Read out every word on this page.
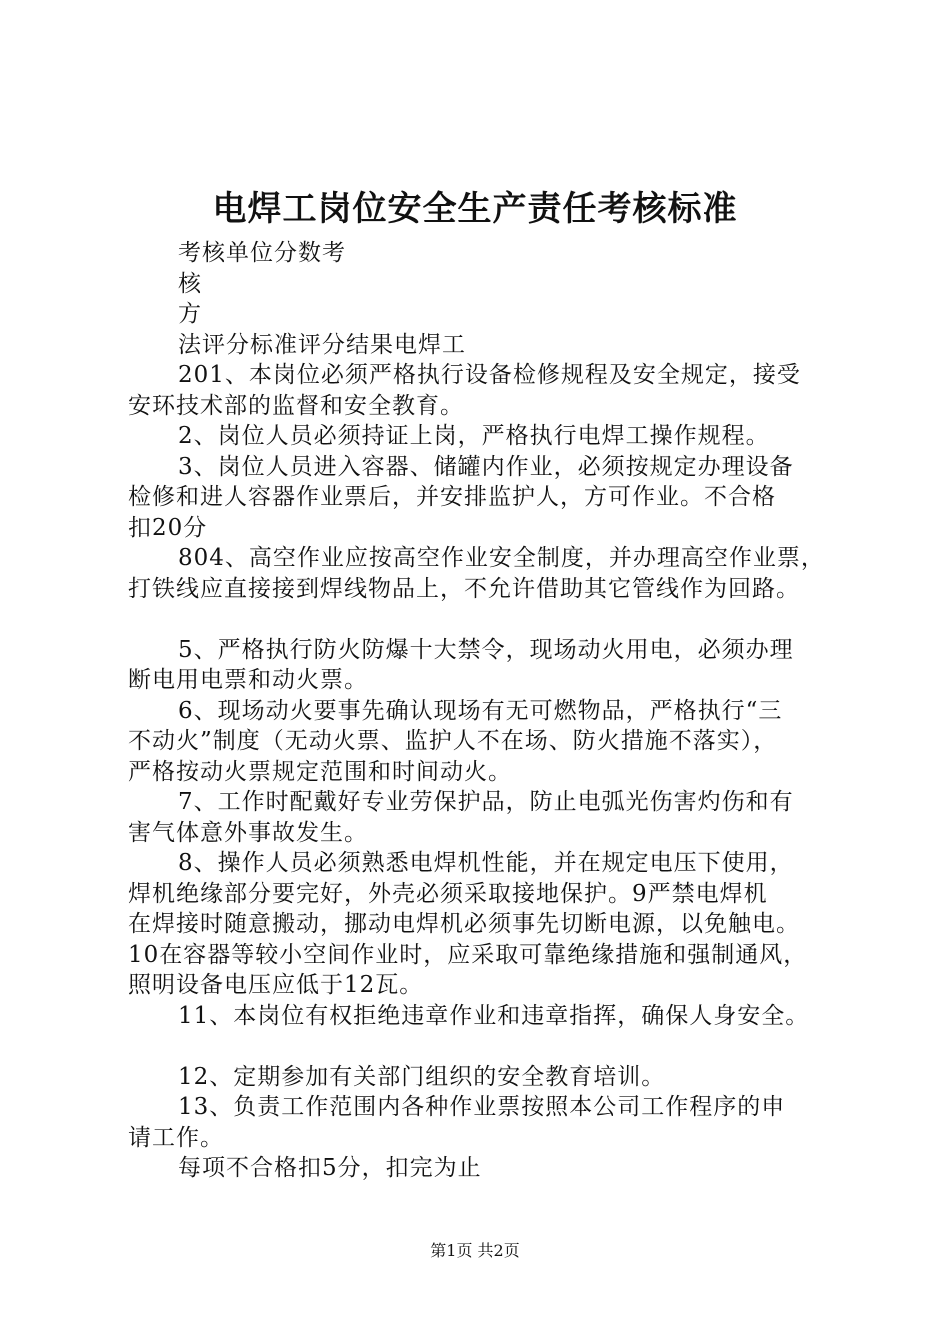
电焊工岗位安全生产责任考核标准

考核单位分数考

核

方

法评分标准评分结果电焊工

201、本岗位必须严格执行设备检修规程及安全规定，接受

安环技术部的监督和安全教育。

2、岗位人员必须持证上岗，严格执行电焊工操作规程。

3、岗位人员进入容器、储罐内作业，必须按规定办理设备

检修和进人容器作业票后，并安排监护人，方可作业。不合格

扣20分

804、高空作业应按高空作业安全制度，并办理高空作业票，

打铁线应直接接到焊线物品上，不允许借助其它管线作为回路。

5、严格执行防火防爆十大禁令，现场动火用电，必须办理

断电用电票和动火票。

6、现场动火要事先确认现场有无可燃物品，严格执行“三

不动火”制度（无动火票、监护人不在场、防火措施不落实），

严格按动火票规定范围和时间动火。

7、工作时配戴好专业劳保护品，防止电弧光伤害灼伤和有

害气体意外事故发生。

8、操作人员必须熟悉电焊机性能，并在规定电压下使用，

焊机绝缘部分要完好，外壳必须采取接地保护。9严禁电焊机

在焊接时随意搬动，挪动电焊机必须事先切断电源，以免触电。

10在容器等较小空间作业时，应采取可靠绝缘措施和强制通风，

照明设备电压应低于12瓦。

11、本岗位有权拒绝违章作业和违章指挥，确保人身安全。

12、定期参加有关部门组织的安全教育培训。

13、负责工作范围内各种作业票按照本公司工作程序的申

请工作。

每项不合格扣5分，扣完为止

第1页 共2页
